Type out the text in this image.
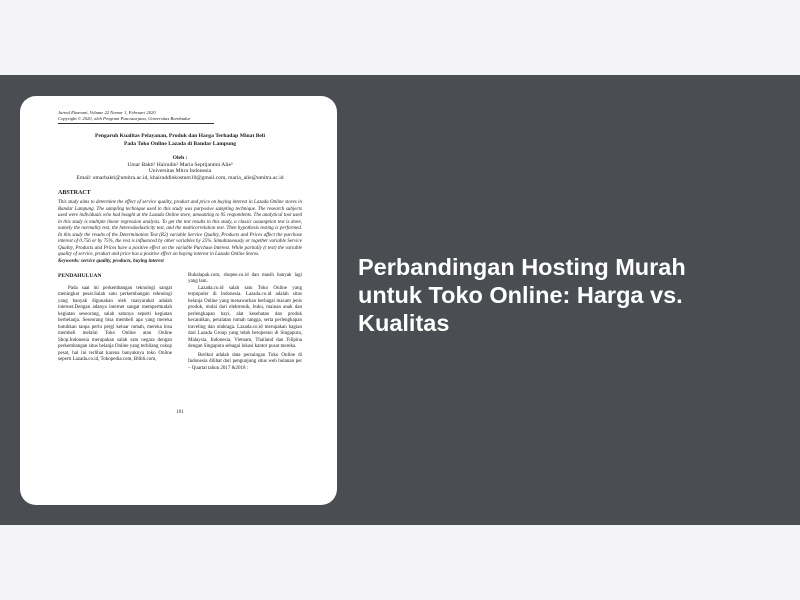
Jurnal Ekonomi, Volume 22 Nomor 1, Februari 2020
Copyright © 2020, oleh Program Pascasarjana, Universitas Borobudur
Pengaruh Kualitas Pelayanan, Produk dan Harga Terhadap Minat Beli
Pada Toko Online Lazada di Bandar Lampung
Oleh :
Umar Bakti¹ Hairudin² Maria Septijantini Alie³
Universitas Mitra Indonesia
Email: umarbakti@umitra.ac.id, khairuddinkostum10@gmail.com, maria_alie@umitra.ac.id
ABSTRACT
This study aims to determine the effect of service quality, product and price on buying interest in Lazada Online stores in Bandar Lampung. The sampling technique used in this study was purposive sampling technique. The research subjects used were individuals who had bought at the Lazada Online store, amounting to 95 respondents. The analytical tool used in this study is multiple linear regression analysis. To get the test results in this study, a classic assumption test is done, namely the normality test, the heteroskedasticity test, and the multicorrelation test. Then hypothesis testing is performed. In this study the results of the Determination Test (R2) variable Service Quality, Products and Prices affect the purchase interest of 0.756 or by 75%, the rest is influenced by other variables by 25%. Simultaneously or together variable Service Quality, Products and Prices have a positive effect on the variable Purchase Interest. While partially (t test) the variable quality of service, product and price has a positive effect on buying interest in Lazada Online Stores.
Keywords: service quality, products, buying interest
PENDAHULUAN
Pada saat ini perkembangan teknologi sangat meningkat pesat.Salah satu perkembangan teknologi yang banyak digunakan oleh masyarakat adalah internet.Dengan adanya internet sangat mempermudah kegiatan seseorang, salah satunya seperti kegiatan berbelanja. Seseorang bisa membeli apa yang mereka butuhkan tanpa perlu pergi keluar rumah, mereka bisa membeli melalui Toko Online atau Online Shop.Indonesia merupakan salah satu negara dengan perkembangan situs belanja Online yang terbilang cukup pesat, hal ini terlihat karena banyaknya toko Online seperti Lazada.co.id, Tokopedia.com, Blibli.com,
Bukalapak.com, shopee.co.id dan masih banyak lagi yang lain.
Lazada.co.id salah satu Toko Online yang terpopuler di Indonesia. Lazada.co.id adalah situs belanja Online yang menawarkan berbagai macam jenis produk, mulai dari elektronik, buku, mainan anak dan perlengkapan bayi, alat kesehatan dan produk kecantikan, peralatan rumah tangga, serta perlengkapan traveling dan olahraga. Lazada.co.id merupakan bagian dari Lazada Group yang telah beroperasi di Singapura, Malaysia, Indonesia, Vietnam, Thailand dan Filipina dengan Singapura sebagai lokasi kantor pusat mereka.
Berikut adalah data persaingan Toko Online di Indonesia dilihat dari pengunjung situs web bulanan per – Quartal tahun 2017 &2018 :
101
Perbandingan Hosting Murah untuk Toko Online: Harga vs. Kualitas
